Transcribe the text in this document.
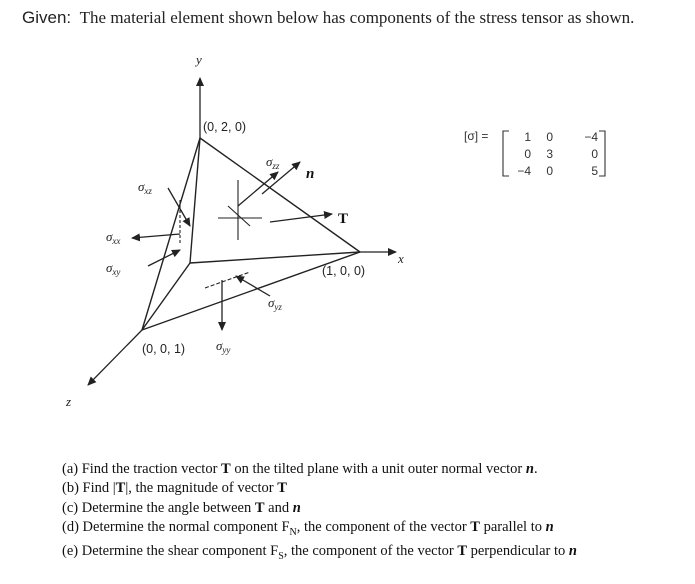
Given: The material element shown below has components of the stress tensor as shown.
y
x
z
(0, 2, 0)
(1, 0, 0)
(0, 0, 1)
n
T
$\sigma_{zz}$
$\sigma_{xz}$
$\sigma_{xx}$
$\sigma_{xy}$
$\sigma_{yz}$
$\sigma_{yy}$
[σ] =	1 0	−4
0 3	0
−4 0	5
(a) Find the traction vector T on the tilted plane with a unit outer normal vector n.
(b) Find |T|, the magnitude of vector T
(c) Determine the angle between T and n
(d) Determine the normal component $F_N$, the component of the vector T parallel to n
(e) Determine the shear component $F_S$, the component of the vector T perpendicular to n
